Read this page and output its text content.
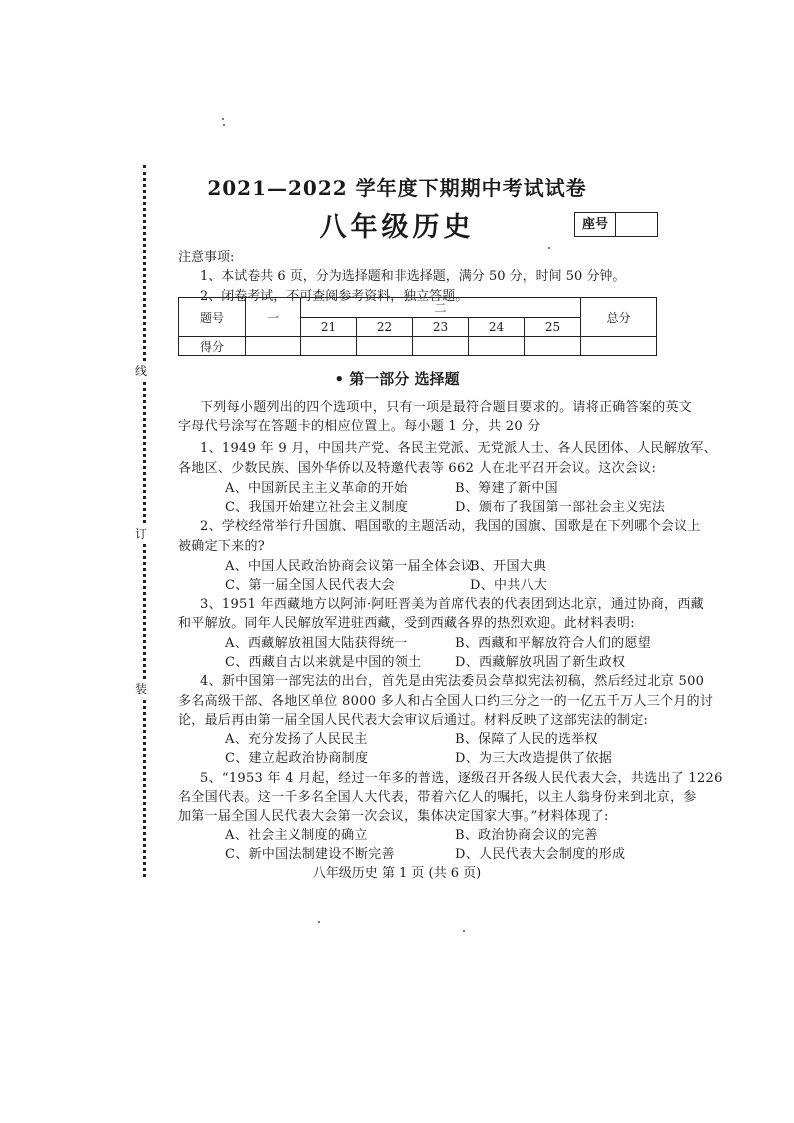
线
订
装
2021—2022 学年度下期期中考试试卷
八年级历史	座号
注意事项:
1、本试卷共 6 页，分为选择题和非选择题，满分 50 分，时间 50 分钟。
2、闭卷考试，不可查阅参考资料，独立答题。
题号	一	二					总分
		21	22	23	24	25	
得分							
• 第一部分 选择题
下列每小题列出的四个选项中，只有一项是最符合题目要求的。请将正确答案的英文
字母代号涂写在答题卡的相应位置上。每小题 1 分，共 20 分
1、1949 年 9 月，中国共产党、各民主党派、无党派人士、各人民团体、人民解放军、
各地区、少数民族、国外华侨以及特邀代表等 662 人在北平召开会议。这次会议:
A、中国新民主主义革命的开始	B、筹建了新中国
C、我国开始建立社会主义制度	D、颁布了我国第一部社会主义宪法
2、学校经常举行升国旗、唱国歌的主题活动，我国的国旗、国歌是在下列哪个会议上
被确定下来的?
A、中国人民政治协商会议第一届全体会议
B、开国大典
C、第一届全国人民代表大会	D、中共八大
3、1951 年西藏地方以阿沛·阿旺晋美为首席代表的代表团到达北京，通过协商，西藏
和平解放。同年人民解放军进驻西藏，受到西藏各界的热烈欢迎。此材料表明:
A、西藏解放祖国大陆获得统一	B、西藏和平解放符合人们的愿望
C、西藏自古以来就是中国的领土	D、西藏解放巩固了新生政权
4、新中国第一部宪法的出台，首先是由宪法委员会草拟宪法初稿，然后经过北京 500
多名高级干部、各地区单位 8000 多人和占全国人口约三分之一的一亿五千万人三个月的讨
论，最后再由第一届全国人民代表大会审议后通过。材料反映了这部宪法的制定:
A、充分发扬了人民民主	B、保障了人民的选举权
C、建立起政治协商制度	D、为三大改造提供了依据
5、“1953 年 4 月起，经过一年多的普选，逐级召开各级人民代表大会，共选出了 1226
名全国代表。这一千多名全国人大代表，带着六亿人的嘱托，以主人翁身份来到北京，参
加第一届全国人民代表大会第一次会议，集体决定国家大事。”材料体现了:
A、社会主义制度的确立	B、政治协商会议的完善
C、新中国法制建设不断完善	D、人民代表大会制度的形成
八年级历史 第 1 页 (共 6 页)
